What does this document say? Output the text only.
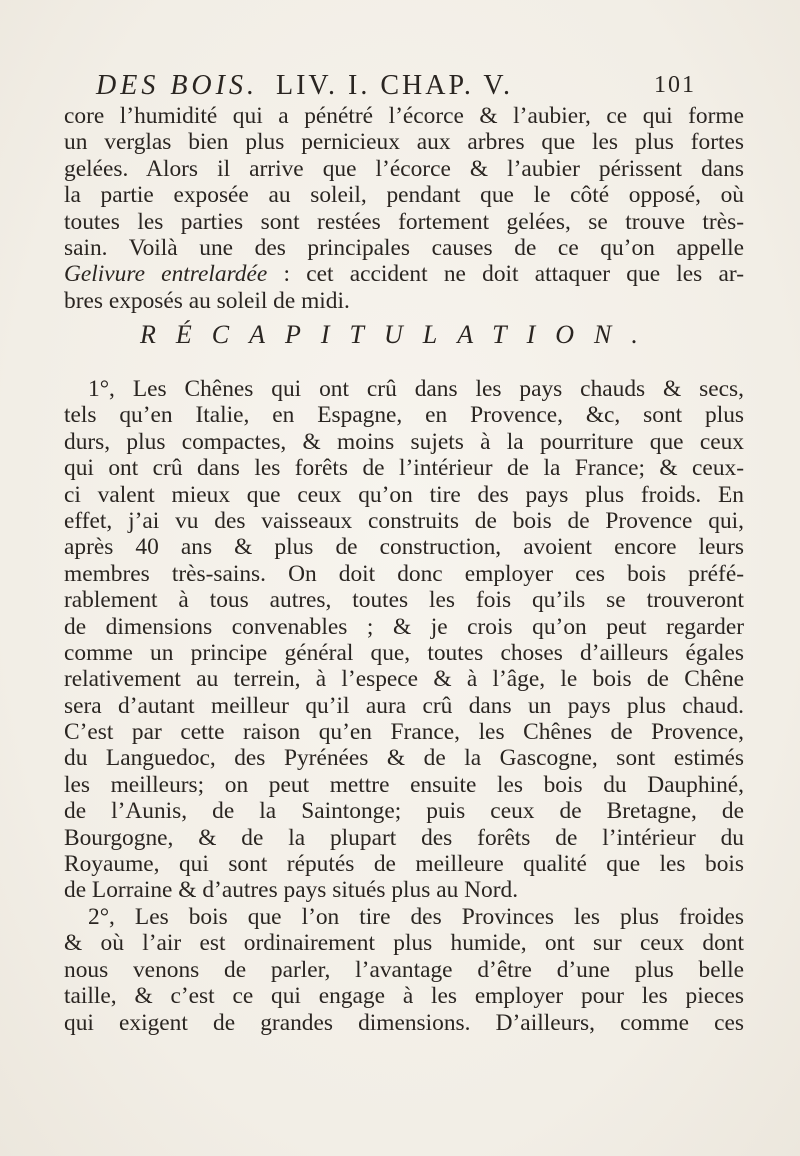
DES BOIS. LIV. I. CHAP. V.	101
core l’humidité qui a pénétré l’écorce & l’aubier, ce qui forme
un verglas bien plus pernicieux aux arbres que les plus fortes
gelées. Alors il arrive que l’écorce & l’aubier périssent dans
la partie exposée au soleil, pendant que le côté opposé, où
toutes les parties sont restées fortement gelées, se trouve très-
sain. Voilà une des principales causes de ce qu’on appelle
Gelivure entrelardée : cet accident ne doit attaquer que les ar-
bres exposés au soleil de midi.
RÉCAPITULATION.
1°, Les Chênes qui ont crû dans les pays chauds & secs,
tels qu’en Italie, en Espagne, en Provence, &c, sont plus
durs, plus compactes, & moins sujets à la pourriture que ceux
qui ont crû dans les forêts de l’intérieur de la France; & ceux-
ci valent mieux que ceux qu’on tire des pays plus froids. En
effet, j’ai vu des vaisseaux construits de bois de Provence qui,
après 40 ans & plus de construction, avoient encore leurs
membres très-sains. On doit donc employer ces bois préfé-
rablement à tous autres, toutes les fois qu’ils se trouveront
de dimensions convenables ; & je crois qu’on peut regarder
comme un principe général que, toutes choses d’ailleurs égales
relativement au terrein, à l’espece & à l’âge, le bois de Chêne
sera d’autant meilleur qu’il aura crû dans un pays plus chaud.
C’est par cette raison qu’en France, les Chênes de Provence,
du Languedoc, des Pyrénées & de la Gascogne, sont estimés
les meilleurs; on peut mettre ensuite les bois du Dauphiné,
de l’Aunis, de la Saintonge; puis ceux de Bretagne, de
Bourgogne, & de la plupart des forêts de l’intérieur du
Royaume, qui sont réputés de meilleure qualité que les bois
de Lorraine & d’autres pays situés plus au Nord.
2°, Les bois que l’on tire des Provinces les plus froides
& où l’air est ordinairement plus humide, ont sur ceux dont
nous venons de parler, l’avantage d’être d’une plus belle
taille, & c’est ce qui engage à les employer pour les pieces
qui exigent de grandes dimensions. D’ailleurs, comme ces
